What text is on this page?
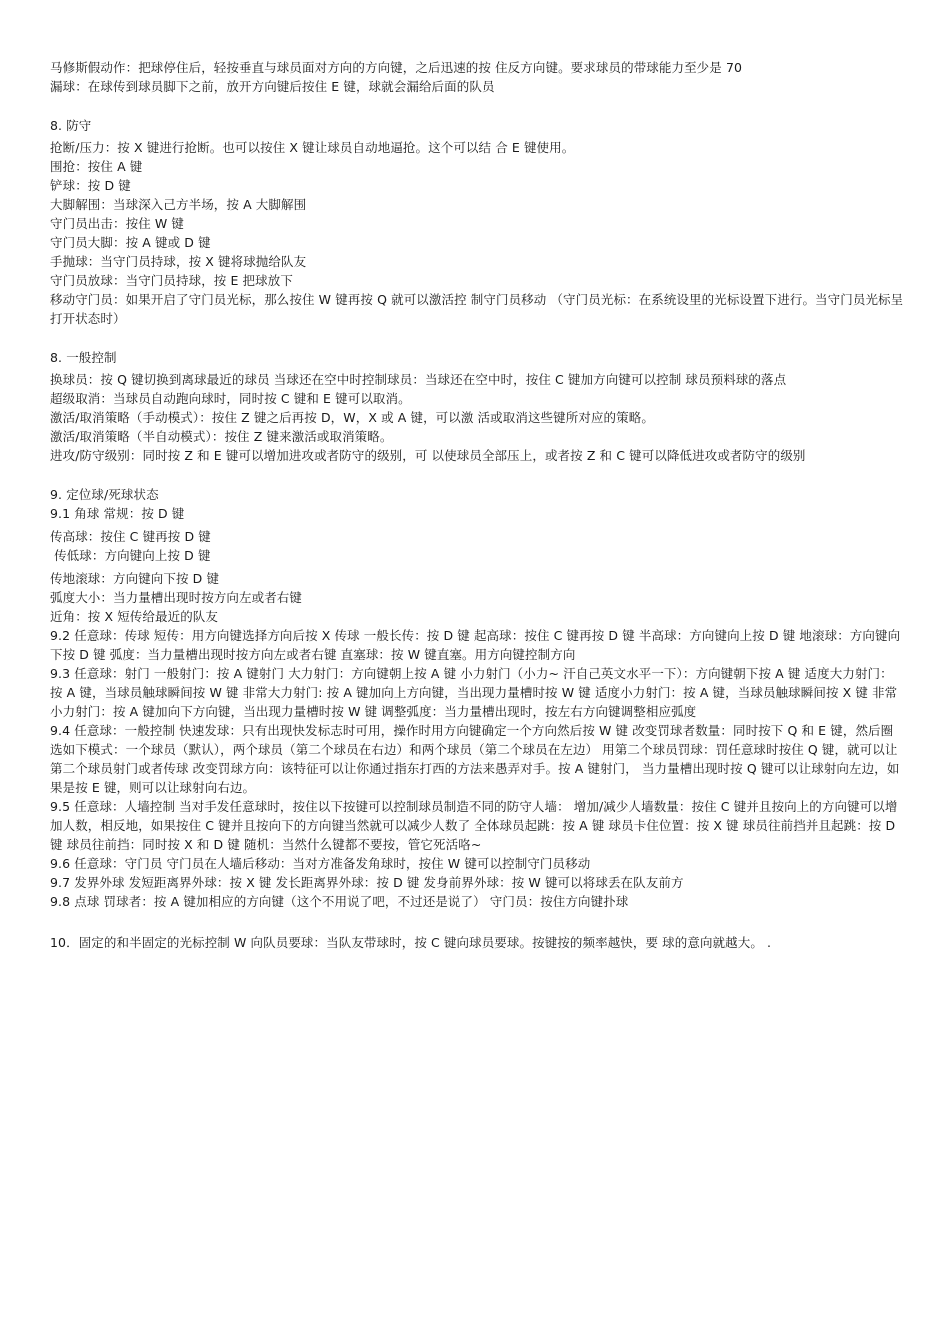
马修斯假动作：把球停住后，轻按垂直与球员面对方向的方向键，之后迅速的按 住反方向键。要求球员的带球能力至少是 70

漏球：在球传到球员脚下之前，放开方向键后按住 E 键，球就会漏给后面的队员

8. 防守

抢断/压力：按 X 键进行抢断。也可以按住 X 键让球员自动地逼抢。这个可以结 合 E 键使用。

围抢：按住 A 键

铲球：按 D 键

大脚解围：当球深入己方半场，按 A 大脚解围

守门员出击：按住 W 键

守门员大脚：按 A 键或 D 键

手抛球：当守门员持球，按 X 键将球抛给队友

守门员放球：当守门员持球，按 E 把球放下

移动守门员：如果开启了守门员光标，那么按住 W 键再按 Q 就可以激活控 制守门员移动 （守门员光标：在系统设里的光标设置下进行。当守门员光标呈打开状态时）

8. 一般控制

换球员：按 Q 键切换到离球最近的球员 当球还在空中时控制球员：当球还在空中时，按住 C 键加方向键可以控制 球员预料球的落点

超级取消：当球员自动跑向球时，同时按 C 键和 E 键可以取消。

激活/取消策略（手动模式）：按住 Z 键之后再按 D，W，X 或 A 键，可以激 活或取消这些键所对应的策略。

激活/取消策略（半自动模式）：按住 Z 键来激活或取消策略。

进攻/防守级别：同时按 Z 和 E 键可以增加进攻或者防守的级别，可 以使球员全部压上，或者按 Z 和 C 键可以降低进攻或者防守的级别

9. 定位球/死球状态

9.1 角球 常规：按 D 键

传高球：按住 C 键再按 D 键

传低球：方向键向上按 D 键

传地滚球：方向键向下按 D 键

弧度大小：当力量槽出现时按方向左或者右键

近角：按 X 短传给最近的队友

9.2 任意球：传球 短传：用方向键选择方向后按 X 传球 一般长传：按 D 键 起高球：按住 C 键再按 D 键 半高球：方向键向上按 D 键 地滚球：方向键向下按 D 键 弧度：当力量槽出现时按方向左或者右键 直塞球：按 W 键直塞。用方向键控制方向

9.3 任意球：射门 一般射门：按 A 键射门 大力射门：方向键朝上按 A 键 小力射门（小力~ 汗自己英文水平一下）：方向键朝下按 A 键 适度大力射门：按 A 键，当球员触球瞬间按 W 键 非常大力射门: 按 A 键加向上方向键，当出现力量槽时按 W 键 适度小力射门：按 A 键，当球员触球瞬间按 X 键 非常小力射门：按 A 键加向下方向键，当出现力量槽时按 W 键 调整弧度：当力量槽出现时，按左右方向键调整相应弧度

9.4 任意球：一般控制 快速发球：只有出现快发标志时可用，操作时用方向键确定一个方向然后按 W 键 改变罚球者数量：同时按下 Q 和 E 键，然后圈选如下模式：一个球员（默认），两个球员（第二个球员在右边）和两个球员（第二个球员在左边） 用第二个球员罚球：罚任意球时按住 Q 键，就可以让第二个球员射门或者传球 改变罚球方向：该特征可以让你通过指东打西的方法来愚弄对手。按 A 键射门， 当力量槽出现时按 Q 键可以让球射向左边，如果是按 E 键，则可以让球射向右边。

9.5 任意球：人墙控制 当对手发任意球时，按住以下按键可以控制球员制造不同的防守人墙： 增加/减少人墙数量：按住 C 键并且按向上的方向键可以增加人数，相反地，如果按住 C 键并且按向下的方向键当然就可以减少人数了 全体球员起跳：按 A 键 球员卡住位置：按 X 键 球员往前挡并且起跳：按 D 键 球员往前挡：同时按 X 和 D 键 随机：当然什么键都不要按，管它死活咯~

9.6 任意球：守门员 守门员在人墙后移动：当对方准备发角球时，按住 W 键可以控制守门员移动

9.7 发界外球 发短距离界外球：按 X 键 发长距离界外球：按 D 键 发身前界外球：按 W 键可以将球丢在队友前方

9.8 点球 罚球者：按 A 键加相应的方向键（这个不用说了吧，不过还是说了） 守门员：按住方向键扑球

10．固定的和半固定的光标控制 W 向队员要球：当队友带球时，按 C 键向球员要球。按键按的频率越快，要 球的意向就越大。 .
